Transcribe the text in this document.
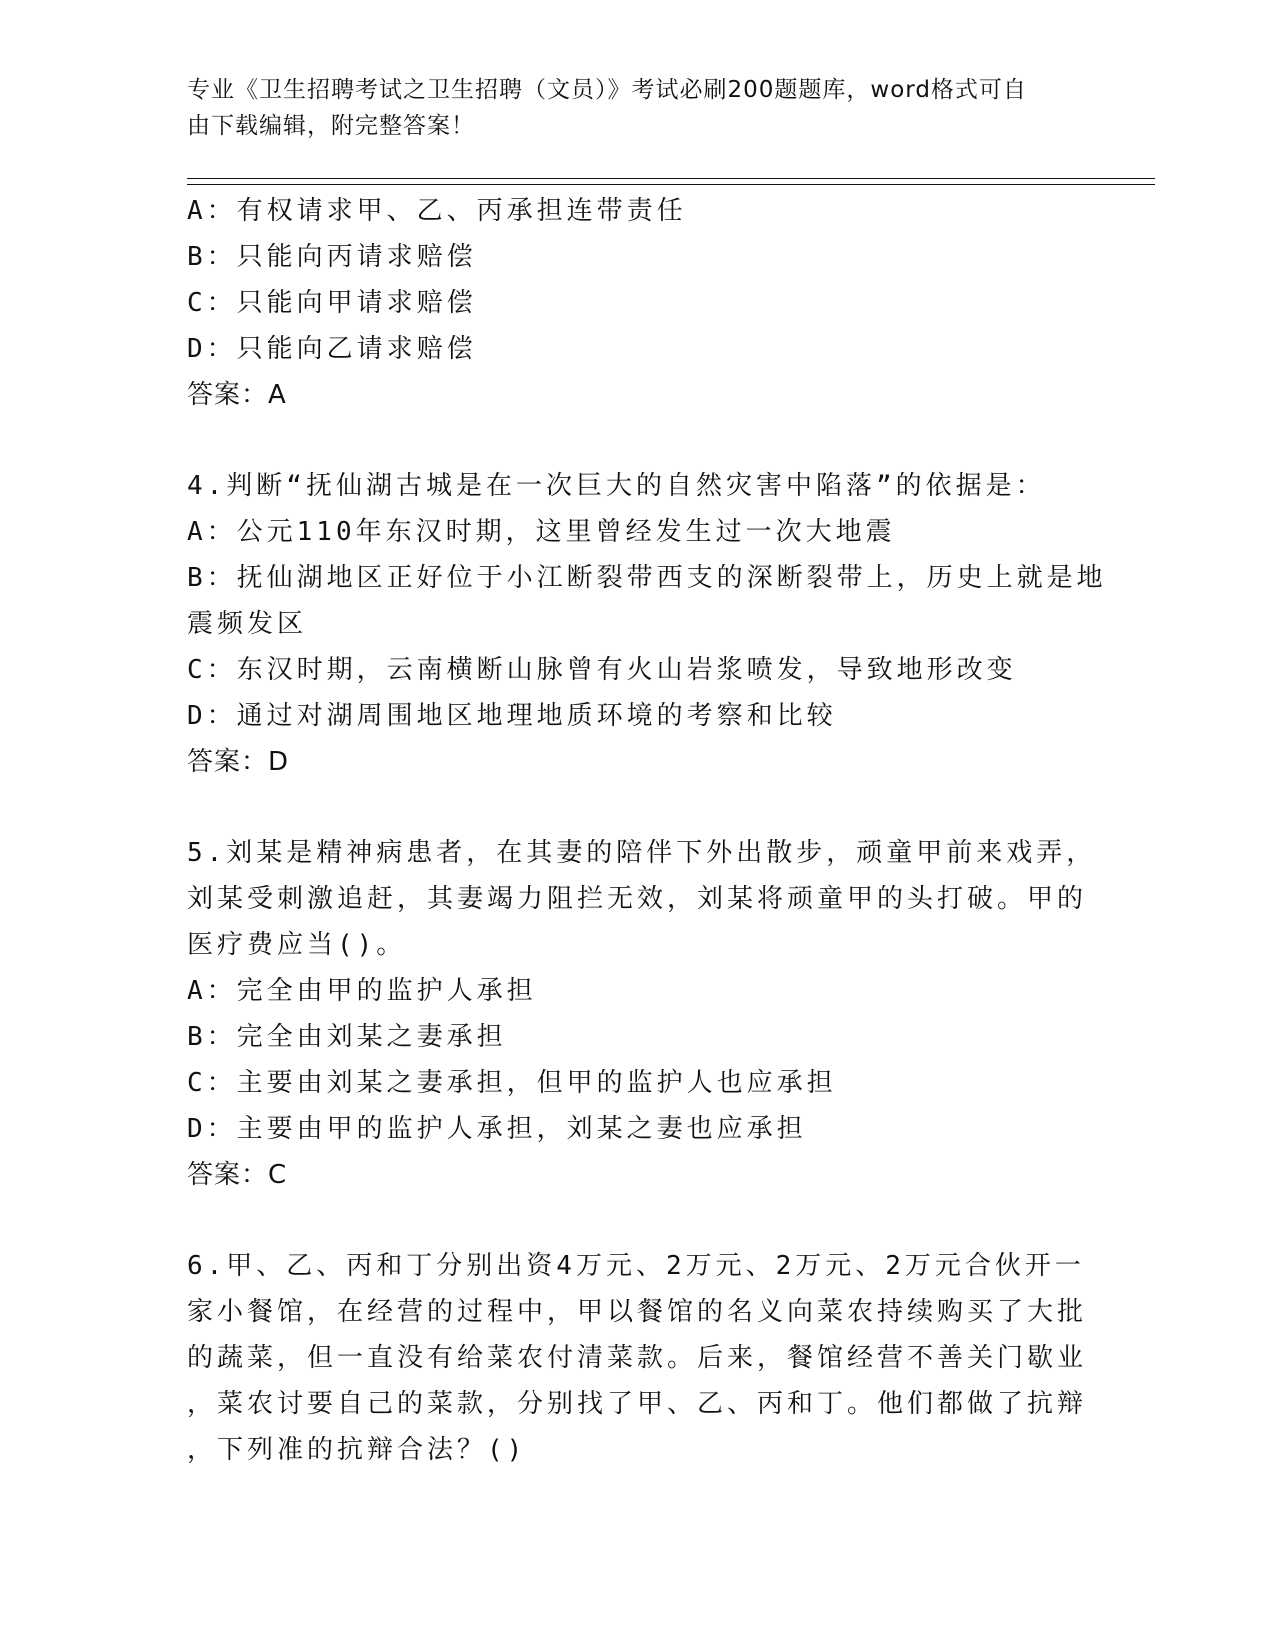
专业《卫生招聘考试之卫生招聘（文员）》考试必刷200题题库，word格式可自
由下载编辑，附完整答案！
A：有权请求甲、乙、丙承担连带责任
B：只能向丙请求赔偿
C：只能向甲请求赔偿
D：只能向乙请求赔偿
答案：A
4.判断“抚仙湖古城是在一次巨大的自然灾害中陷落”的依据是：
A：公元110年东汉时期，这里曾经发生过一次大地震
B：抚仙湖地区正好位于小江断裂带西支的深断裂带上，历史上就是地
震频发区
C：东汉时期，云南横断山脉曾有火山岩浆喷发，导致地形改变
D：通过对湖周围地区地理地质环境的考察和比较
答案：D
5.刘某是精神病患者，在其妻的陪伴下外出散步，顽童甲前来戏弄，
刘某受刺激追赶，其妻竭力阻拦无效，刘某将顽童甲的头打破。甲的
医疗费应当()。
A：完全由甲的监护人承担
B：完全由刘某之妻承担
C：主要由刘某之妻承担，但甲的监护人也应承担
D：主要由甲的监护人承担，刘某之妻也应承担
答案：C
6.甲、乙、丙和丁分别出资4万元、2万元、2万元、2万元合伙开一
家小餐馆，在经营的过程中，甲以餐馆的名义向菜农持续购买了大批
的蔬菜，但一直没有给菜农付清菜款。后来，餐馆经营不善关门歇业
，菜农讨要自己的菜款，分别找了甲、乙、丙和丁。他们都做了抗辩
，下列准的抗辩合法？()
